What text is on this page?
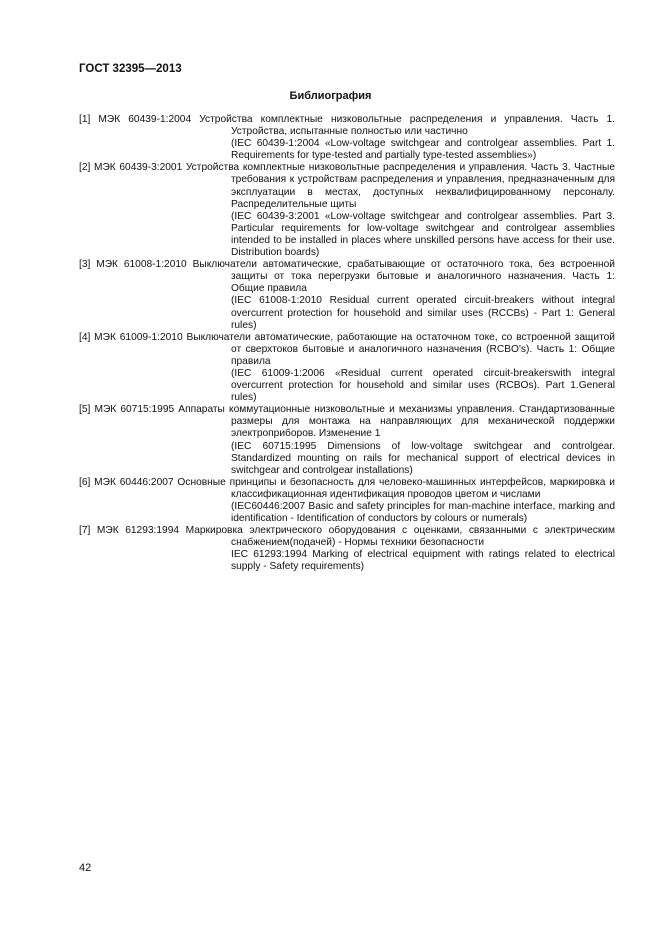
ГОСТ 32395—2013
Библиография

[1] МЭК 60439-1:2004 Устройства комплектные низковольтные распределения и управления. Часть 1. Устройства, испытанные полностью или частично

(IEC 60439-1:2004 «Low-voltage switchgear and controlgear assemblies. Part 1. Requirements for type-tested and partially type-tested assemblies»)

[2] МЭК 60439-3:2001 Устройства комплектные низковольтные распределения и управления. Часть 3. Частные требования к устройствам распределения и управления, предназначенным для эксплуатации в местах, доступных неквалифицированному персоналу. Распределительные щиты

(IEC 60439-3:2001 «Low-voltage switchgear and controlgear assemblies. Part 3. Particular requirements for low-voltage switchgear and controlgear assemblies intended to be installed in places where unskilled persons have access for their use. Distribution boards)

[3] МЭК 61008-1:2010 Выключатели автоматические, срабатывающие от остаточного тока, без встроенной защиты от тока перегрузки бытовые и аналогичного назначения. Часть 1: Общие правила

(IEC 61008-1:2010 Residual current operated circuit-breakers without integral overcurrent protection for household and similar uses (RCCBs) - Part 1: General rules)

[4] МЭК 61009-1:2010 Выключатели автоматические, работающие на остаточном токе, со встроенной защитой от сверхтоков бытовые и аналогичного назначения (RCBO's). Часть 1: Общие правила

(IEC 61009-1:2006 «Residual current operated circuit-breakerswith integral overcurrent protection for household and similar uses (RCBOs). Part 1.General rules)

[5] МЭК 60715:1995 Аппараты коммутационные низковольтные и механизмы управления. Стандартизованные размеры для монтажа на направляющих для механической поддержки электроприборов. Изменение 1

(IEC 60715:1995 Dimensions of low-voltage switchgear and controlgear. Standardized mounting on rails for mechanical support of electrical devices in switchgear and controlgear installations)

[6] МЭК 60446:2007 Основные принципы и безопасность для человеко-машинных интерфейсов, маркировка и классификационная идентификация проводов цветом и числами

(IEC60446:2007 Basic and safety principles for man-machine interface, marking and identification - Identification of conductors by colours or numerals)

[7] МЭК 61293:1994 Маркировка электрического оборудования с оценками, связанными с электрическим снабжением(подачей) - Нормы техники безопасности

IEC 61293:1994 Marking of electrical equipment with ratings related to electrical supply - Safety requirements)

42
